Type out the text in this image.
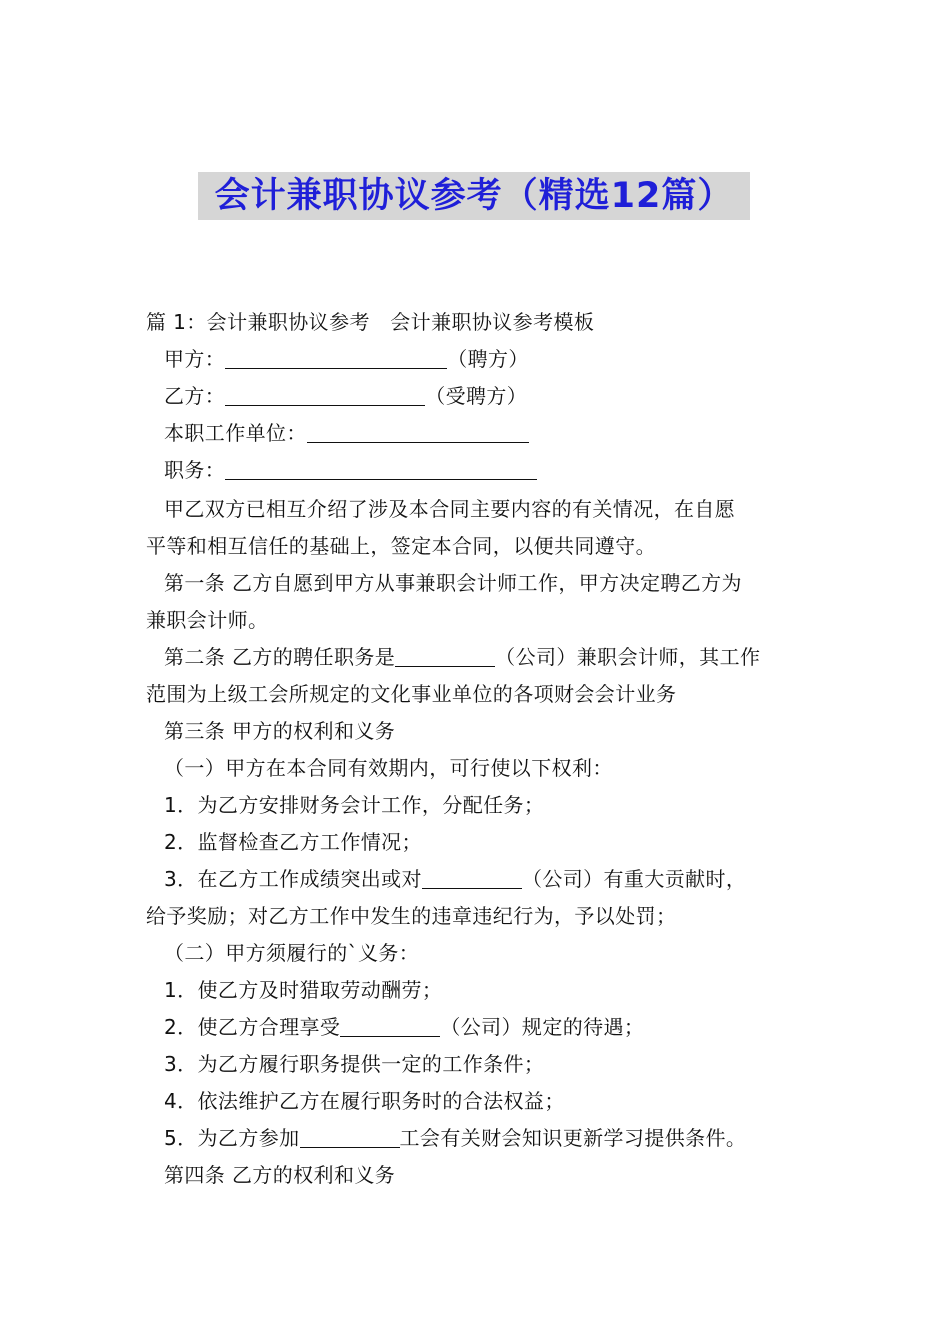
会计兼职协议参考（精选12篇）
篇 1：会计兼职协议参考　会计兼职协议参考模板
甲方：	（聘方）
乙方：	（受聘方）
本职工作单位：
职务：
甲乙双方已相互介绍了涉及本合同主要内容的有关情况，在自愿
平等和相互信任的基础上，签定本合同，以便共同遵守。
第一条 乙方自愿到甲方从事兼职会计师工作，甲方决定聘乙方为
兼职会计师。
第二条 乙方的聘任职务是	（公司）兼职会计师，其工作
范围为上级工会所规定的文化事业单位的各项财会会计业务
第三条 甲方的权利和义务
（一）甲方在本合同有效期内，可行使以下权利：
1．为乙方安排财务会计工作，分配任务；
2．监督检查乙方工作情况；
3．在乙方工作成绩突出或对	（公司）有重大贡献时，
给予奖励；对乙方工作中发生的违章违纪行为，予以处罚；
（二）甲方须履行的`义务：
1．使乙方及时猎取劳动酬劳；
2．使乙方合理享受	（公司）规定的待遇；
3．为乙方履行职务提供一定的工作条件；
4．依法维护乙方在履行职务时的合法权益；
5．为乙方参加	工会有关财会知识更新学习提供条件。
第四条 乙方的权利和义务
